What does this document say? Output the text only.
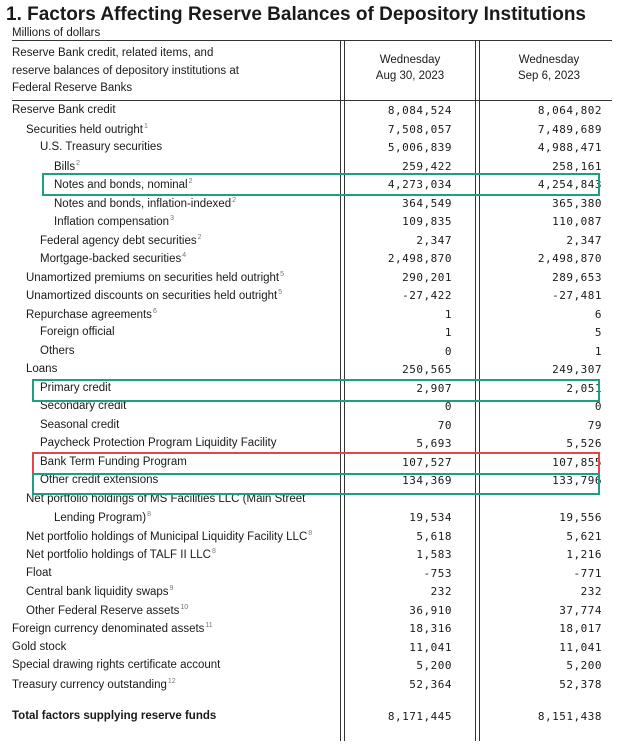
1. Factors Affecting Reserve Balances of Depository Institutions
Millions of dollars
Reserve Bank credit, related items, and
reserve balances of depository institutions at
Federal Reserve Banks
Wednesday
Aug 30, 2023
Wednesday
Sep 6, 2023
Reserve Bank credit	8,084,524	8,064,802
Securities held outright$^1$	7,508,057	7,489,689
U.S. Treasury securities	5,006,839	4,988,471
Bills$^2$	259,422	258,161
Notes and bonds, nominal$^2$	4,273,034	4,254,843
Notes and bonds, inflation-indexed$^2$	364,549	365,380
Inflation compensation$^3$	109,835	110,087
Federal agency debt securities$^2$	2,347	2,347
Mortgage-backed securities$^4$	2,498,870	2,498,870
Unamortized premiums on securities held outright$^5$	290,201	289,653
Unamortized discounts on securities held outright$^5$	-27,422	-27,481
Repurchase agreements$^6$	1	6
Foreign official	1	5
Others	0	1
Loans	250,565	249,307
Primary credit	2,907	2,051
Secondary credit	0	0
Seasonal credit	70	79
Paycheck Protection Program Liquidity Facility	5,693	5,526
Bank Term Funding Program	107,527	107,855
Other credit extensions	134,369	133,796
Net portfolio holdings of MS Facilities LLC (Main Street
Lending Program)$^8$	19,534	19,556
Net portfolio holdings of Municipal Liquidity Facility LLC$^8$	5,618	5,621
Net portfolio holdings of TALF II LLC$^8$	1,583	1,216
Float	-753	-771
Central bank liquidity swaps$^9$	232	232
Other Federal Reserve assets$^{10}$	36,910	37,774
Foreign currency denominated assets$^{11}$	18,316	18,017
Gold stock	11,041	11,041
Special drawing rights certificate account	5,200	5,200
Treasury currency outstanding$^{12}$	52,364	52,378
Total factors supplying reserve funds	8,171,445	8,151,438
